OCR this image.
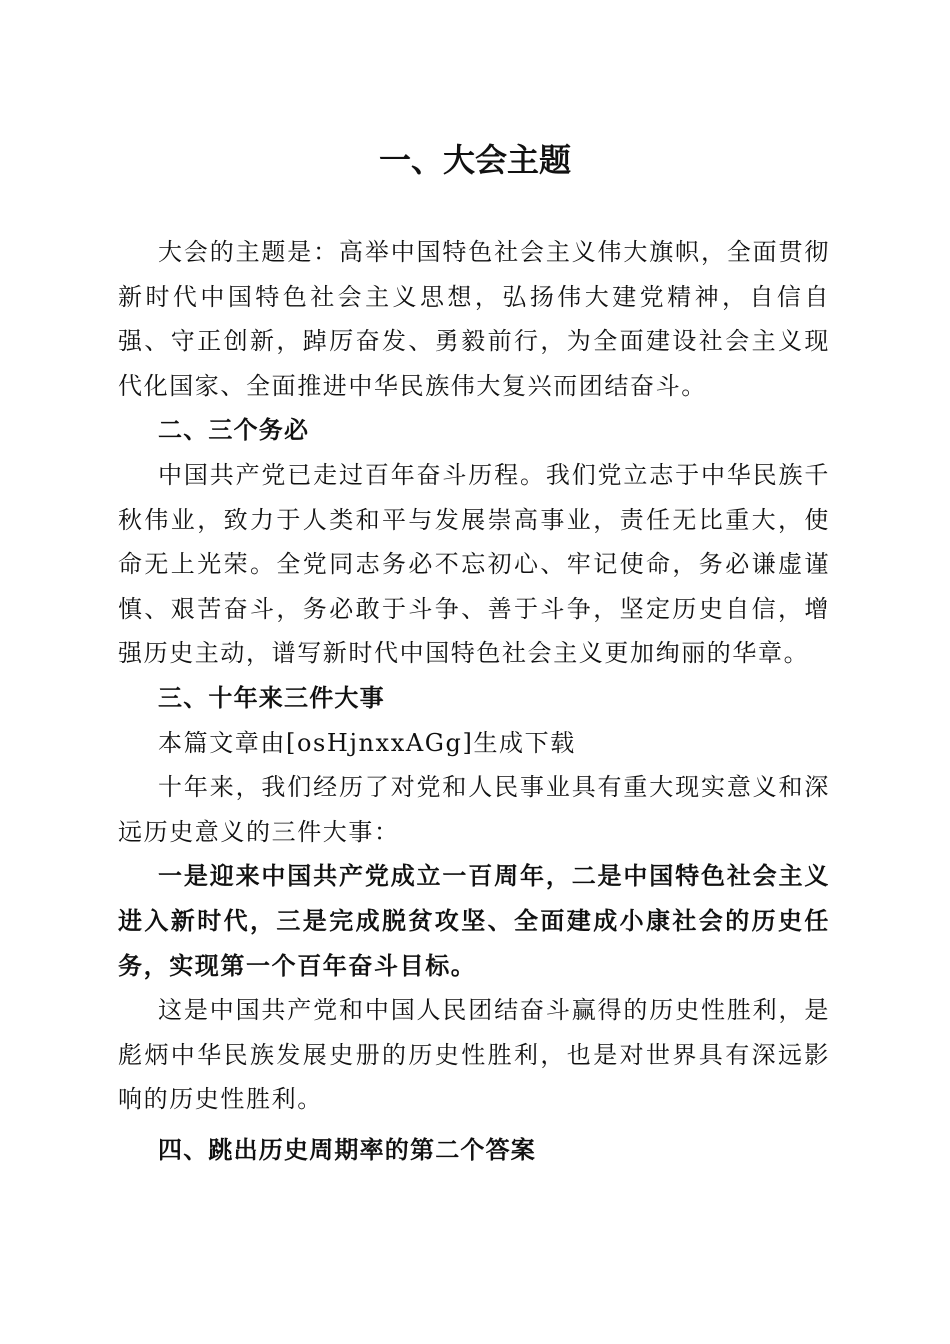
一、大会主题

大会的主题是：高举中国特色社会主义伟大旗帜，全面贯彻新时代中国特色社会主义思想，弘扬伟大建党精神，自信自强、守正创新，踔厉奋发、勇毅前行，为全面建设社会主义现代化国家、全面推进中华民族伟大复兴而团结奋斗。

二、三个务必

中国共产党已走过百年奋斗历程。我们党立志于中华民族千秋伟业，致力于人类和平与发展崇高事业，责任无比重大，使命无上光荣。全党同志务必不忘初心、牢记使命，务必谦虚谨慎、艰苦奋斗，务必敢于斗争、善于斗争，坚定历史自信，增强历史主动，谱写新时代中国特色社会主义更加绚丽的华章。

三、十年来三件大事

本篇文章由[osHjnxxAGg]生成下载

十年来，我们经历了对党和人民事业具有重大现实意义和深远历史意义的三件大事：

一是迎来中国共产党成立一百周年，二是中国特色社会主义进入新时代，三是完成脱贫攻坚、全面建成小康社会的历史任务，实现第一个百年奋斗目标。

这是中国共产党和中国人民团结奋斗赢得的历史性胜利，是彪炳中华民族发展史册的历史性胜利，也是对世界具有深远影响的历史性胜利。

四、跳出历史周期率的第二个答案
